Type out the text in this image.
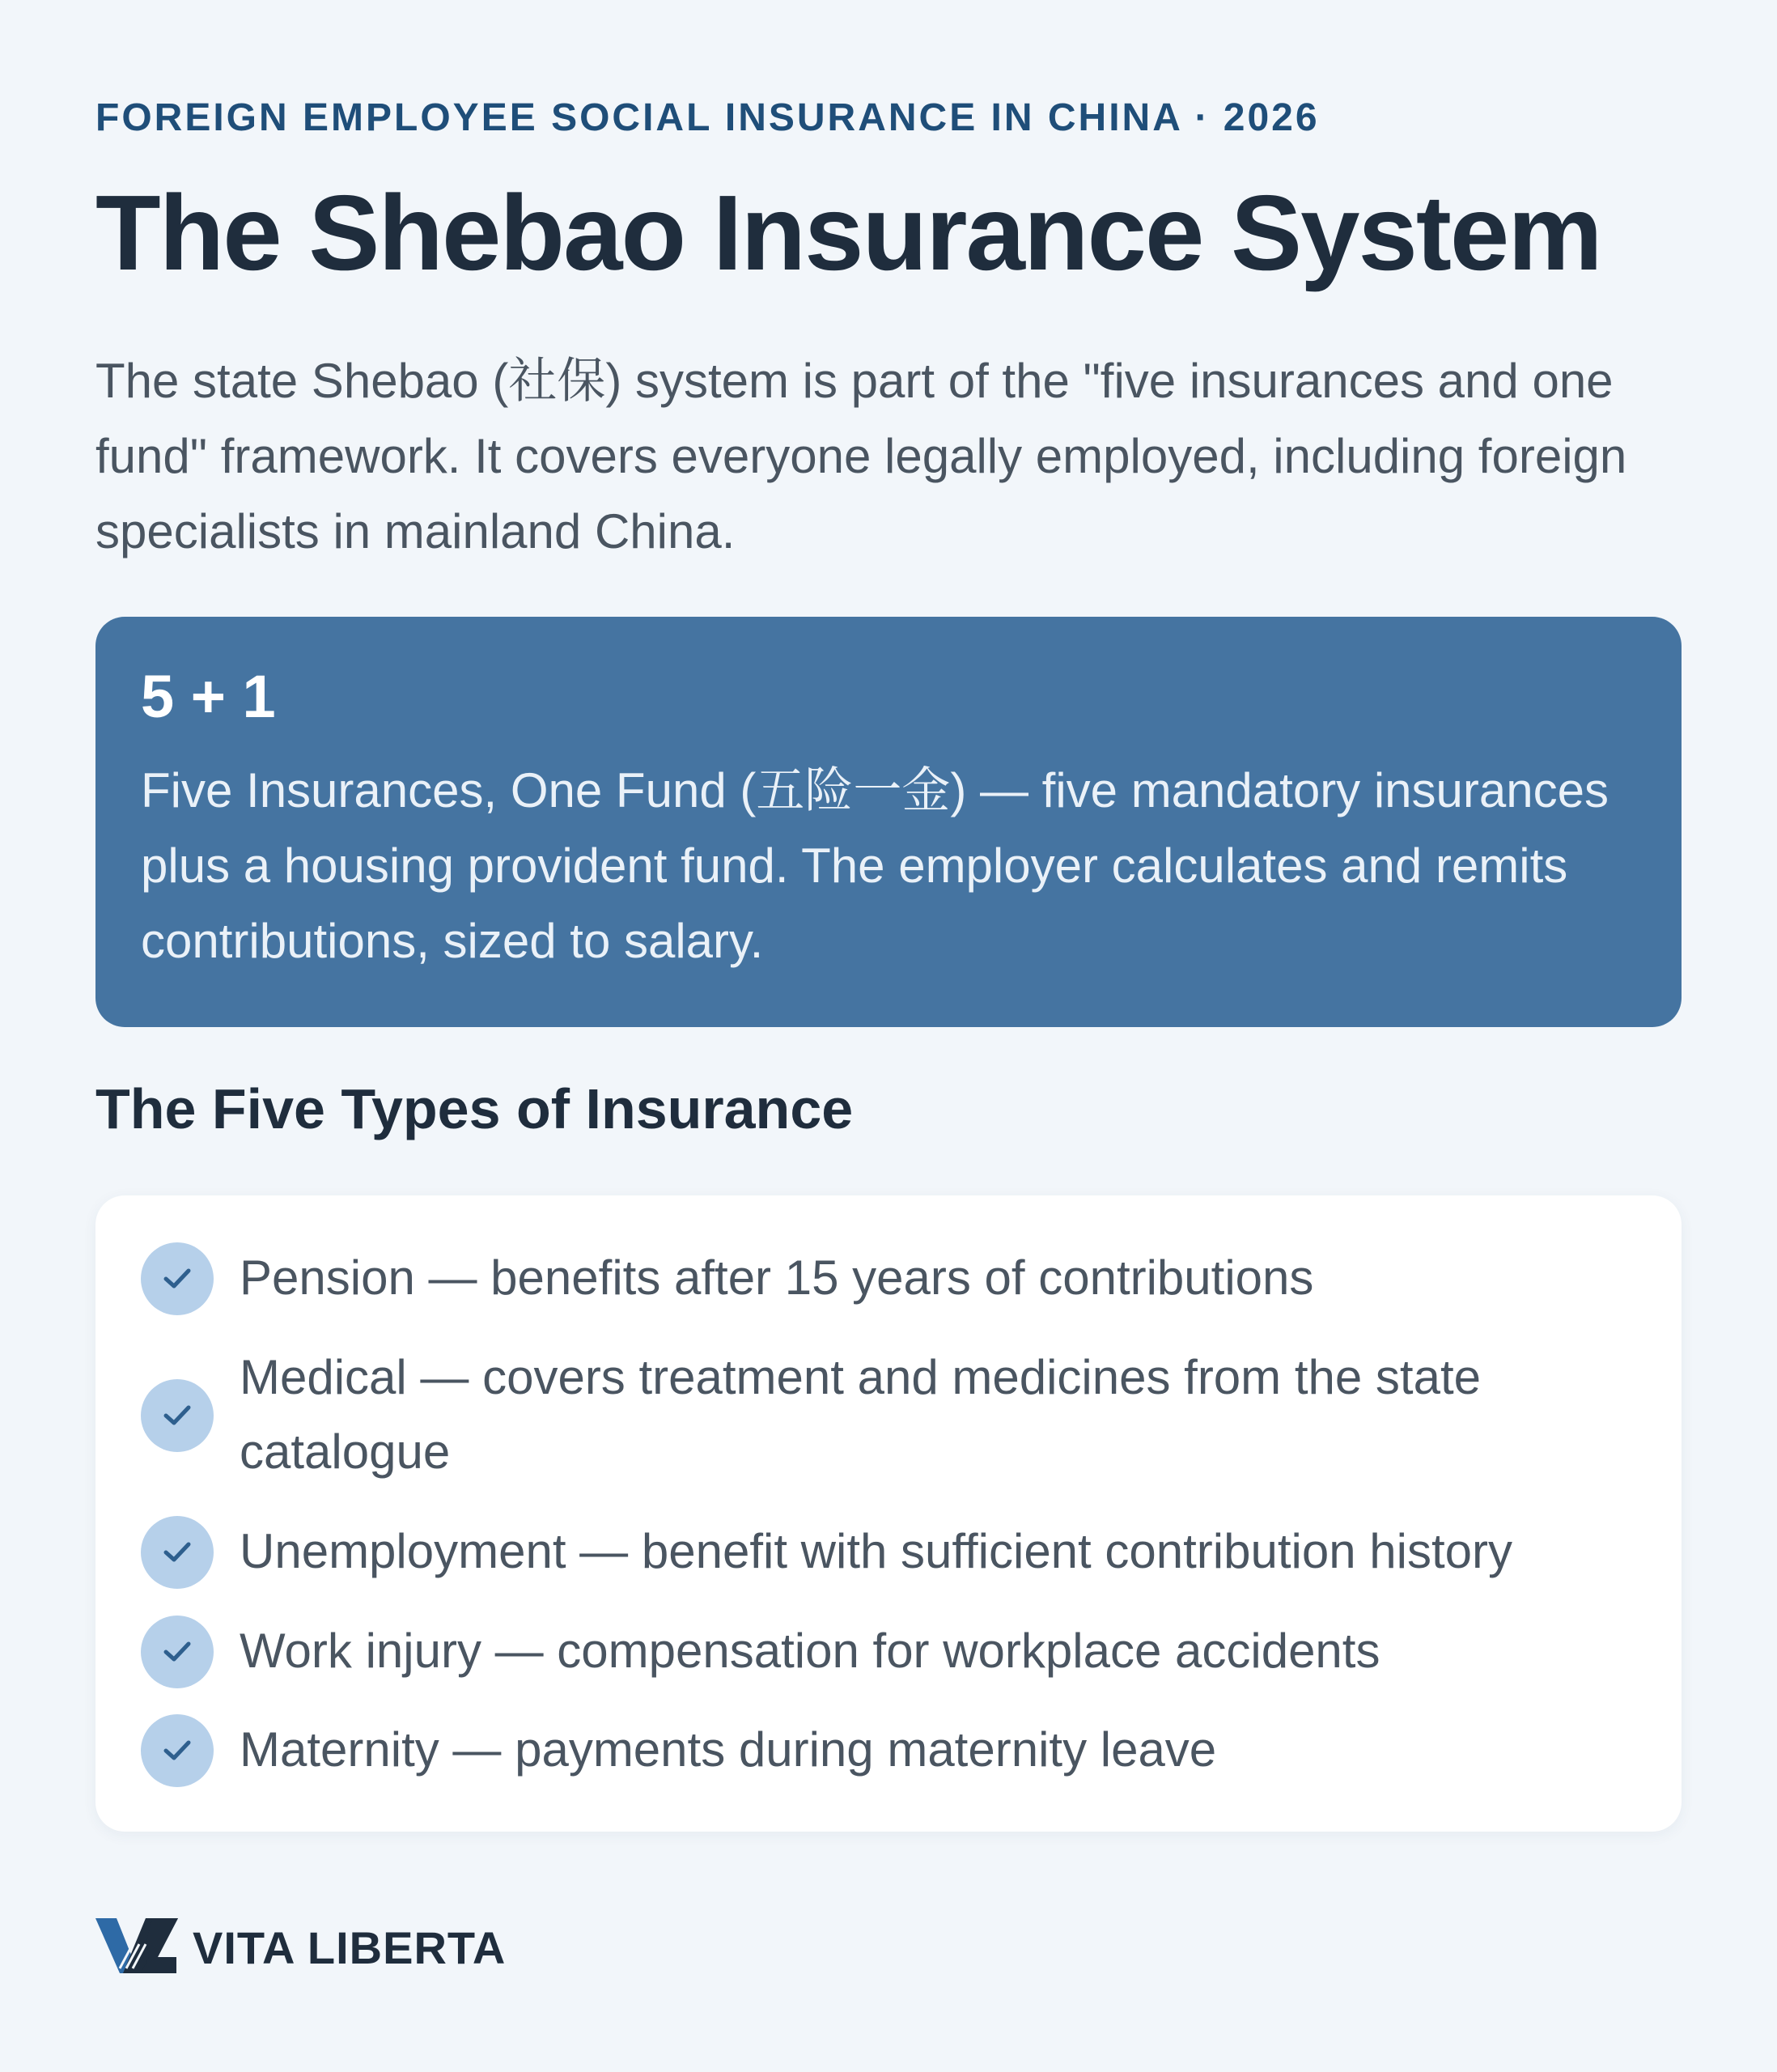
FOREIGN EMPLOYEE SOCIAL INSURANCE IN CHINA · 2026
The Shebao Insurance System
The state Shebao (社保) system is part of the "five insurances and one fund" framework. It covers everyone legally employed, including foreign specialists in mainland China.
5 + 1
Five Insurances, One Fund (五险一金) — five mandatory insurances plus a housing provident fund. The employer calculates and remits contributions, sized to salary.
The Five Types of Insurance
Pension — benefits after 15 years of contributions
Medical — covers treatment and medicines from the state catalogue
Unemployment — benefit with sufficient contribution history
Work injury — compensation for workplace accidents
Maternity — payments during maternity leave
VITA LIBERTA
